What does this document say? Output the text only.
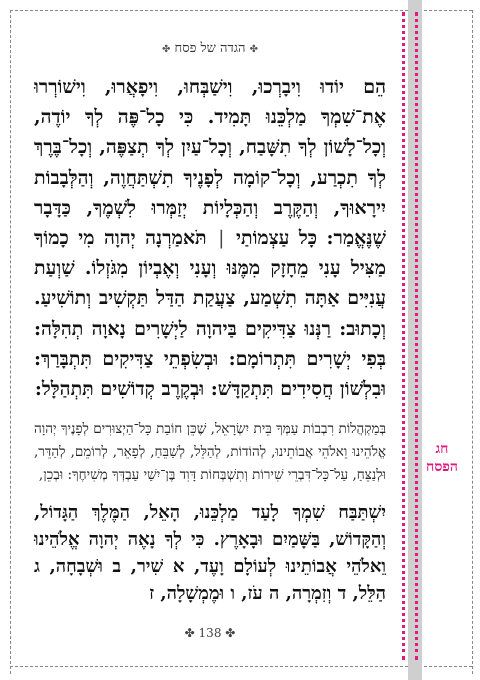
חג
הפסח
✤ הגדה של פסח ✤

הֵם יוֹדוּ וִיבָרְכוּ, וִישַׁבְּחוּ, וִיפָאֲרוּ, וִישׁוֹרְרוּ אֶת־שִׁמְךָ מַלְכֵּנוּ תָּמִיד. כִּי כָל־פֶּה לְךָ יוֹדֶה, וְכָל־לָשׁוֹן לְךָ תִשָּׁבַח, וְכָל־עַיִן לְךָ תְצַפֶּה, וְכָל־בֶּרֶךְ לְךָ תִכְרַע, וְכָל־קוֹמָה לְפָנֶיךָ תִשְׁתַּחֲוֶה, וְהַלְּבָבוֹת יִירָאוּךָ, וְהַקֶּרֶב וְהַכְּלָיוֹת יְזַמְּרוּ לִשְׁמֶךָ, כַּדָּבָר שֶׁנֶּאֱמַר: כָּל עַצְמוֹתַי | תֹּאמַרְנָה יְהוָה מִי כָמוֹךָ מַצִּיל עָנִי מֵחָזָק מִמֶּנּוּ וְעָנִי וְאֶבְיוֹן מִגֹּזְלוֹ. שַׁוְעַת עֲנִיִּים אַתָּה תִשְׁמַע, צַעֲקַת הַדַּל תַּקְשִׁיב וְתוֹשִׁיעַ. וְכָתוּב: רַנְּנוּ צַדִּיקִים בַּיהוָה לַיְשָׁרִים נָאוָה תְהִלָּה: בְּפִי יְשָׁרִים תִּתְרוֹמָם: וּבְשִׂפְתֵי צַדִּיקִים תִּתְבָּרַךְ: וּבִלְשׁוֹן חֲסִידִים תִּתְקַדָּשׁ: וּבְקֶרֶב קְדוֹשִׁים תִּתְהַלָּל:

בְּמַקְהֲלוֹת רִבְבוֹת עַמְּךָ בֵּית יִשְׂרָאֵל, שֶׁכֵּן חוֹבַת כָּל־הַיְצוּרִים לְפָנֶיךָ יְהוָה אֱלֹהֵינוּ וֵאלֹהֵי אֲבוֹתֵינוּ, לְהוֹדוֹת, לְהַלֵּל, לְשַׁבֵּחַ, לְפָאֵר, לְרוֹמֵם, לְהַדֵּר, וּלְנַצֵּחַ, עַל־כָּל־דִּבְרֵי שִׁירוֹת וְתִשְׁבְּחוֹת דָּוִד בֶּן־יִשַׁי עַבְדְּךָ מְשִׁיחֶךָ: וּבְכֵן,

יִשְׁתַּבַּח שִׁמְךָ לָעַד מַלְכֵּנוּ, הָאֵל, הַמֶּלֶךְ הַגָּדוֹל, וְהַקָּדוֹשׁ, בַּשָּׁמַיִם וּבָאָרֶץ. כִּי לְךָ נָאֶה יְהוָה אֱלֹהֵינוּ וֵאלֹהֵי אֲבוֹתֵינוּ לְעוֹלָם וָעֶד, א שִׁיר, ב וּשְׁבָחָה, ג הַלֵּל, ד וְזִמְרָה, ה עֹז, ו וּמֶמְשָׁלָה, ז

✤ 138 ✤
